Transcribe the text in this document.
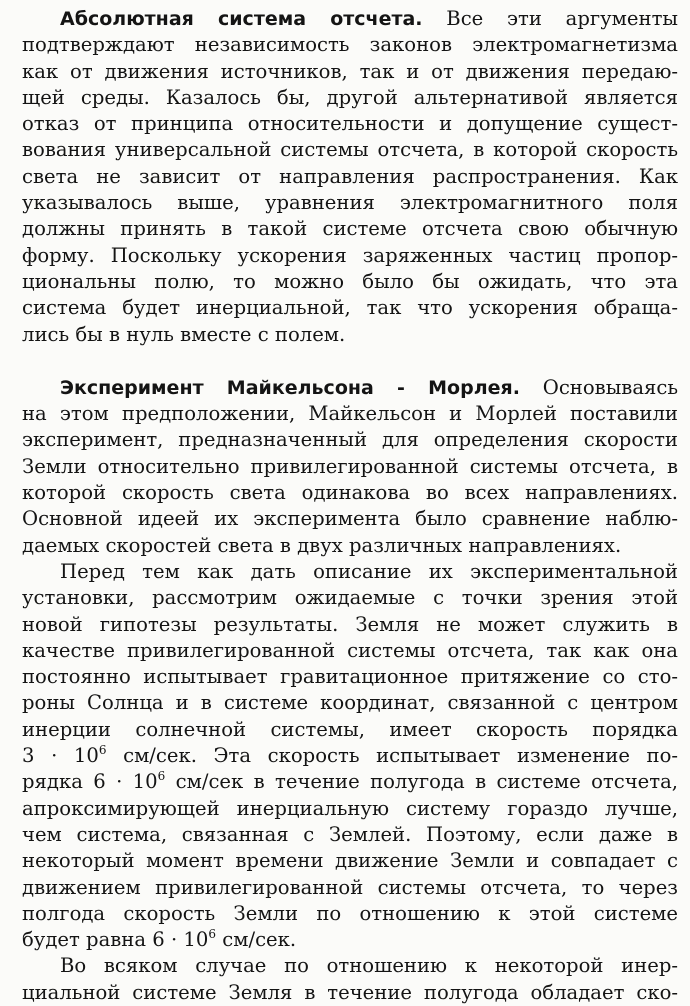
Абсолютная система отсчета. Все эти аргументы
подтверждают независимость законов электромагнетизма
как от движения источников, так и от движения передаю-
щей среды. Казалось бы, другой альтернативой является
отказ от принципа относительности и допущение сущест-
вования универсальной системы отсчета, в которой скорость
света не зависит от направления распространения. Как
указывалось выше, уравнения электромагнитного поля
должны принять в такой системе отсчета свою обычную
форму. Поскольку ускорения заряженных частиц пропор-
циональны полю, то можно было бы ожидать, что эта
система будет инерциальной, так что ускорения обраща-
лись бы в нуль вместе с полем.
Эксперимент Майкельсона - Морлея. Основываясь
на этом предположении, Майкельсон и Морлей поставили
эксперимент, предназначенный для определения скорости
Земли относительно привилегированной системы отсчета, в
которой скорость света одинакова во всех направлениях.
Основной идеей их эксперимента было сравнение наблю-
даемых скоростей света в двух различных направлениях.
Перед тем как дать описание их экспериментальной
установки, рассмотрим ожидаемые с точки зрения этой
новой гипотезы результаты. Земля не может служить в
качестве привилегированной системы отсчета, так как она
постоянно испытывает гравитационное притяжение со сто-
роны Солнца и в системе координат, связанной с центром
инерции солнечной системы, имеет скорость порядка
$3 \cdot 10^6$ см/сек. Эта скорость испытывает изменение по-
рядка $6 \cdot 10^6$ см/сек в течение полугода в системе отсчета,
апроксимирующей инерциальную систему гораздо лучше,
чем система, связанная с Землей. Поэтому, если даже в
некоторый момент времени движение Земли и совпадает с
движением привилегированной системы отсчета, то через
полгода скорость Земли по отношению к этой системе
будет равна $6 \cdot 10^6$ см/сек.
Во всяком случае по отношению к некоторой инер-
циальной системе Земля в течение полугода обладает ско-
